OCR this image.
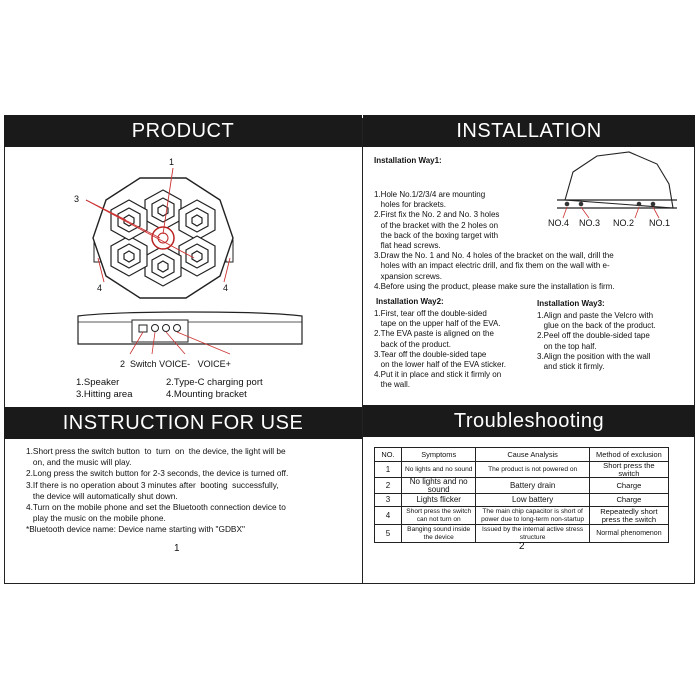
PRODUCT	INSTALLATION
INSTRUCTION FOR USE	Troubleshooting
1
3
4	4
2 Switch VOICE- VOICE+
1.Speaker	2.Type-C charging port
3.Hitting area	4.Mounting bracket
Installation Way1:
1.Hole No.1/2/3/4 are mounting
holes for brackets.
2.First fix the No. 2 and No. 3 holes
of the bracket with the 2 holes on
the back of the boxing target with
flat head screws.
3.Draw the No. 1 and No. 4 holes of the bracket on the wall, drill the
holes with an impact electric drill, and fix them on the wall with e-
xpansion screws.
4.Before using the product, please make sure the installation is firm.
NO.4 NO.3 NO.2 NO.1
Installation Way2:
1.First, tear off the double-sided
tape on the upper half of the EVA.
2.The EVA paste is aligned on the
back of the product.
3.Tear off the double-sided tape
on the lower half of the EVA sticker.
4.Put it in place and stick it firmly on
the wall.
Installation Way3:
1.Align and paste the Velcro with
glue on the back of the product.
2.Peel off the double-sided tape
on the top half.
3.Align the position with the wall
and stick it firmly.
1.Short press the switch button  to  turn  on  the device, the light will be
on, and the music will play.
2.Long press the switch button for 2-3 seconds, the device is turned off.
3.If there is no operation about 3 minutes after  booting  successfully,
the device will automatically shut down.
4.Turn on the mobile phone and set the Bluetooth connection device to
play the music on the mobile phone.
*Bluetooth device name: Device name starting with "GDBX"
1
NO.	Symptoms	Cause Analysis	Method of exclusion
1	No lights and no sound	The product is not powered on	Short press the switch
2	No lights and no sound	Battery drain	Charge
3	Lights flicker	Low battery	Charge
4	Short press the switch can not turn on	The main chip capacitor is short of power due to long-term non-startup	Repeatedly short press the switch
5	Banging sound inside the device	Issued by the internal active stress structure	Normal phenomenon
2
